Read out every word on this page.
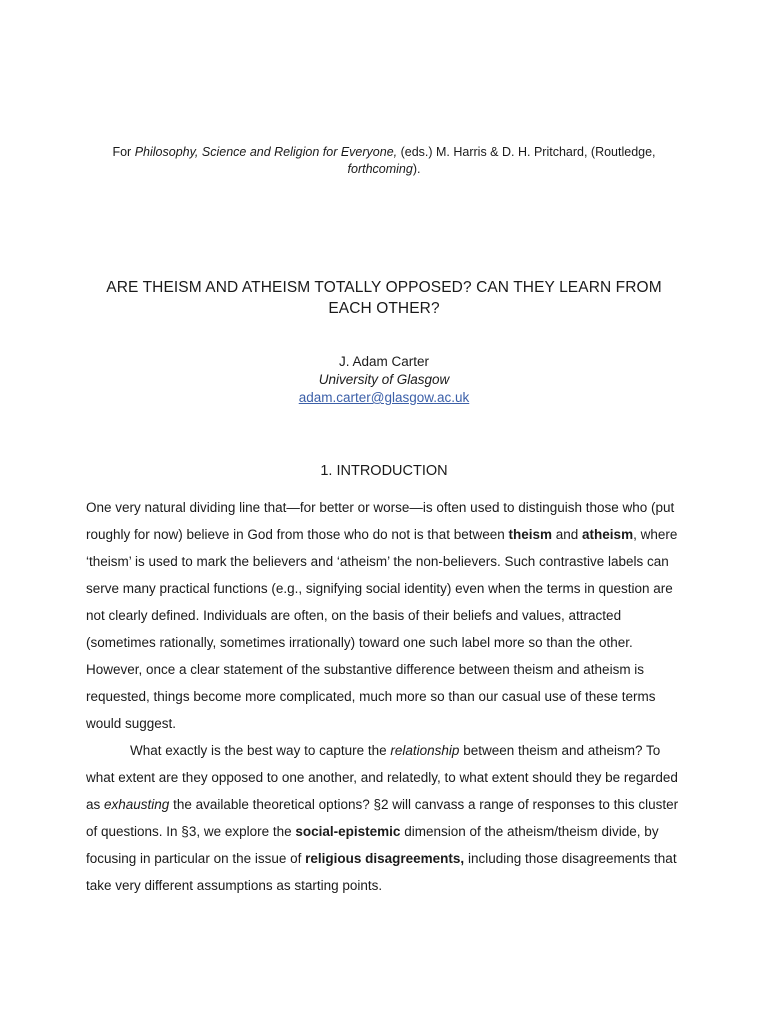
For Philosophy, Science and Religion for Everyone, (eds.) M. Harris & D. H. Pritchard, (Routledge, forthcoming).
ARE THEISM AND ATHEISM TOTALLY OPPOSED? CAN THEY LEARN FROM
EACH OTHER?
J. Adam Carter
University of Glasgow
adam.carter@glasgow.ac.uk
1. INTRODUCTION

One very natural dividing line that—for better or worse—is often used to distinguish those who (put roughly for now) believe in God from those who do not is that between theism and atheism, where ‘theism’ is used to mark the believers and ‘atheism’ the non-believers. Such contrastive labels can serve many practical functions (e.g., signifying social identity) even when the terms in question are not clearly defined. Individuals are often, on the basis of their beliefs and values, attracted (sometimes rationally, sometimes irrationally) toward one such label more so than the other. However, once a clear statement of the substantive difference between theism and atheism is requested, things become more complicated, much more so than our casual use of these terms would suggest.

What exactly is the best way to capture the relationship between theism and atheism? To what extent are they opposed to one another, and relatedly, to what extent should they be regarded as exhausting the available theoretical options? §2 will canvass a range of responses to this cluster of questions. In §3, we explore the social-epistemic dimension of the atheism/theism divide, by focusing in particular on the issue of religious disagreements, including those disagreements that take very different assumptions as starting points.
